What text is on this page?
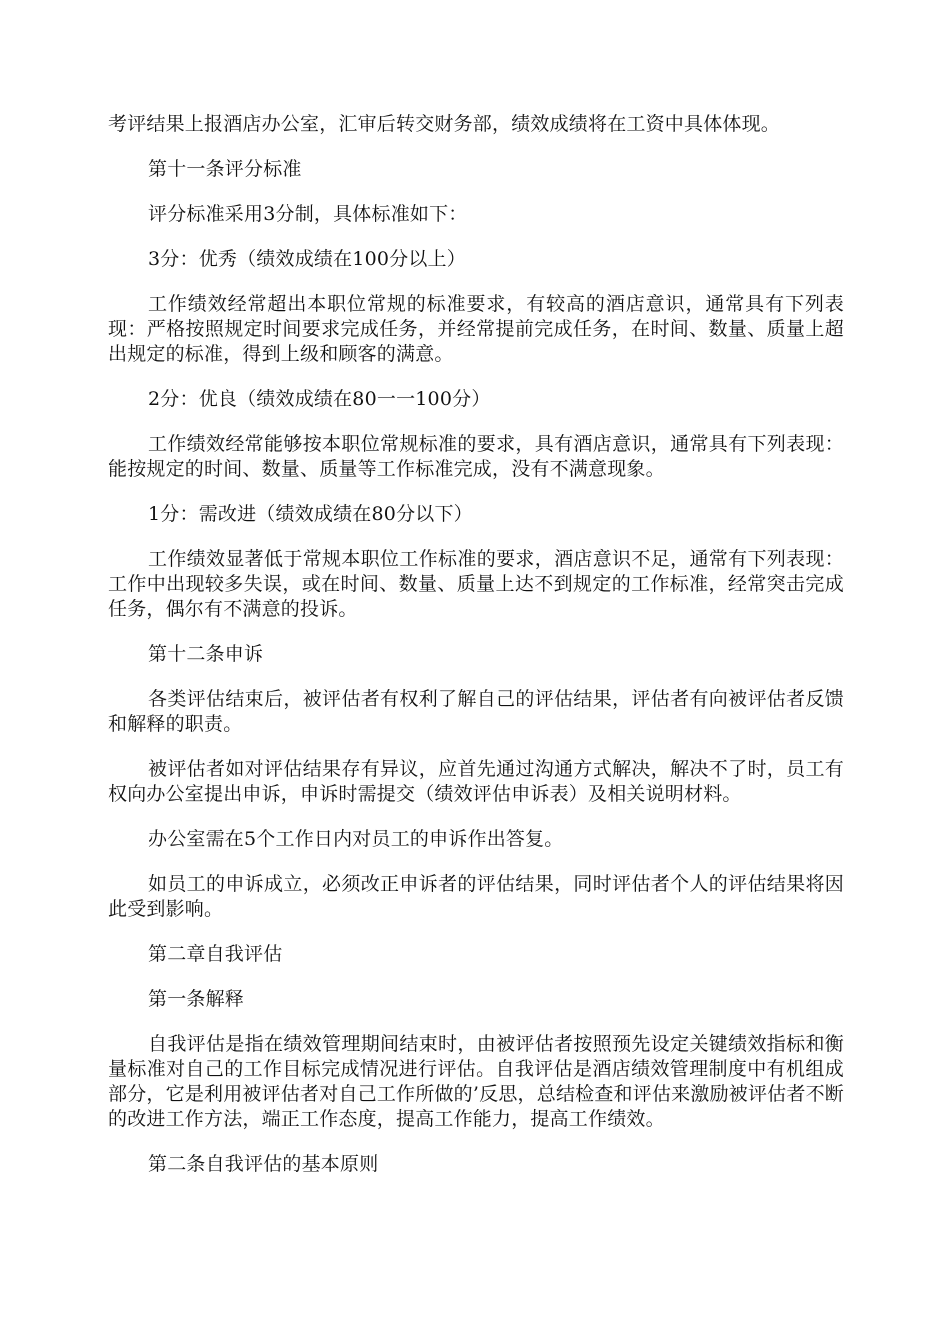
考评结果上报酒店办公室，汇审后转交财务部，绩效成绩将在工资中具体体现。

第十一条评分标准

评分标准采用3分制，具体标准如下：

3分：优秀（绩效成绩在100分以上）

工作绩效经常超出本职位常规的标准要求，有较高的酒店意识，通常具有下列表现：严格按照规定时间要求完成任务，并经常提前完成任务，在时间、数量、质量上超出规定的标准，得到上级和顾客的满意。

2分：优良（绩效成绩在80一一100分）

工作绩效经常能够按本职位常规标准的要求，具有酒店意识，通常具有下列表现：能按规定的时间、数量、质量等工作标准完成，没有不满意现象。

1分：需改进（绩效成绩在80分以下）

工作绩效显著低于常规本职位工作标准的要求，酒店意识不足，通常有下列表现：工作中出现较多失误，或在时间、数量、质量上达不到规定的工作标准，经常突击完成任务，偶尔有不满意的投诉。

第十二条申诉

各类评估结束后，被评估者有权利了解自己的评估结果，评估者有向被评估者反馈和解释的职责。

被评估者如对评估结果存有异议，应首先通过沟通方式解决，解决不了时，员工有权向办公室提出申诉，申诉时需提交（绩效评估申诉表）及相关说明材料。

办公室需在5个工作日内对员工的申诉作出答复。

如员工的申诉成立，必须改正申诉者的评估结果，同时评估者个人的评估结果将因此受到影响。

第二章自我评估

第一条解释

自我评估是指在绩效管理期间结束时，由被评估者按照预先设定关键绩效指标和衡量标准对自己的工作目标完成情况进行评估。自我评估是酒店绩效管理制度中有机组成部分，它是利用被评估者对自己工作所做的’反思，总结检查和评估来激励被评估者不断的改进工作方法，端正工作态度，提高工作能力，提高工作绩效。

第二条自我评估的基本原则
